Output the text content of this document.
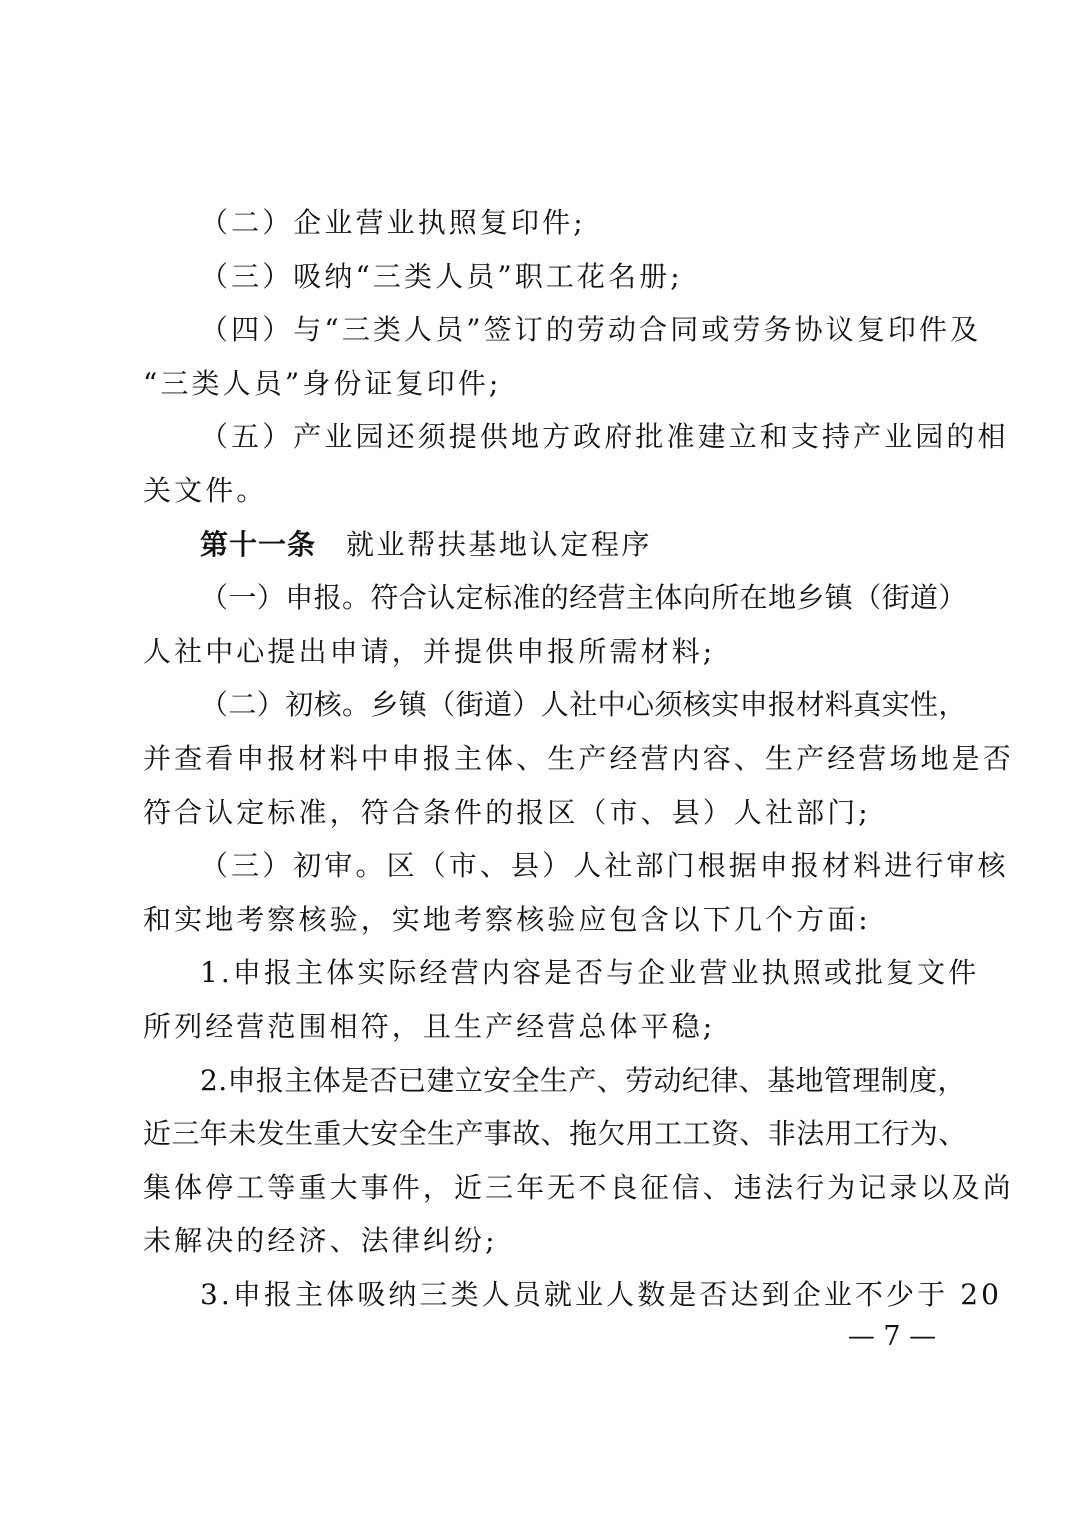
（二）企业营业执照复印件;
（三）吸纳“三类人员”职工花名册;
（四）与“三类人员”签订的劳动合同或劳务协议复印件及
“三类人员”身份证复印件;
（五）产业园还须提供地方政府批准建立和支持产业园的相
关文件。
第十一条 就业帮扶基地认定程序
（一）申报。符合认定标准的经营主体向所在地乡镇（街道）
人社中心提出申请，并提供申报所需材料;
（二）初核。乡镇（街道）人社中心须核实申报材料真实性，
并查看申报材料中申报主体、生产经营内容、生产经营场地是否
符合认定标准，符合条件的报区（市、县）人社部门;
（三）初审。区（市、县）人社部门根据申报材料进行审核
和实地考察核验，实地考察核验应包含以下几个方面:
1.申报主体实际经营内容是否与企业营业执照或批复文件
所列经营范围相符，且生产经营总体平稳;
2.申报主体是否已建立安全生产、劳动纪律、基地管理制度，
近三年未发生重大安全生产事故、拖欠用工工资、非法用工行为、
集体停工等重大事件，近三年无不良征信、违法行为记录以及尚
未解决的经济、法律纠纷;
3.申报主体吸纳三类人员就业人数是否达到企业不少于 20
— 7 —
